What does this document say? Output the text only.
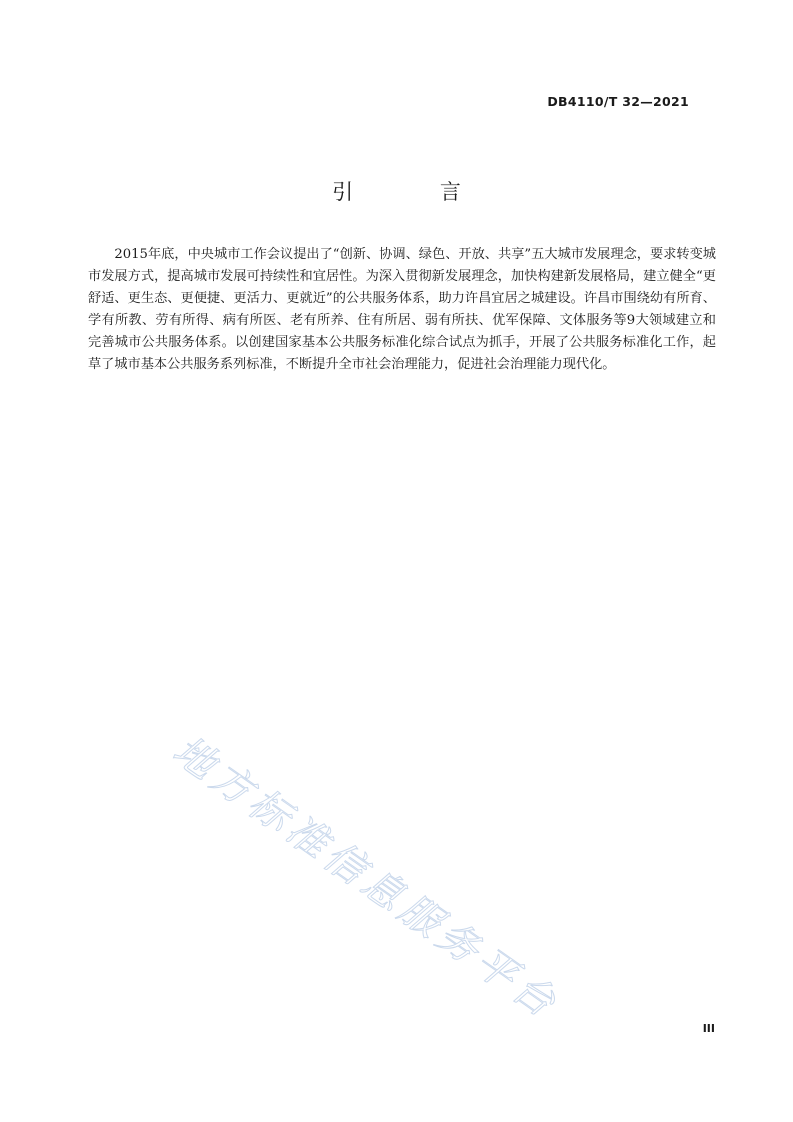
DB4110/T 32—2021
引 言

2015年底，中央城市工作会议提出了“创新、协调、绿色、开放、共享”五大城市发展理念，要求转变城市发展方式，提高城市发展可持续性和宜居性。为深入贯彻新发展理念，加快构建新发展格局，建立健全“更舒适、更生态、更便捷、更活力、更就近”的公共服务体系，助力许昌宜居之城建设。许昌市围绕幼有所育、学有所教、劳有所得、病有所医、老有所养、住有所居、弱有所扶、优军保障、文体服务等9大领域建立和完善城市公共服务体系。以创建国家基本公共服务标准化综合试点为抓手，开展了公共服务标准化工作，起草了城市基本公共服务系列标准，不断提升全市社会治理能力，促进社会治理能力现代化。

地方标准信息服务平台	III
